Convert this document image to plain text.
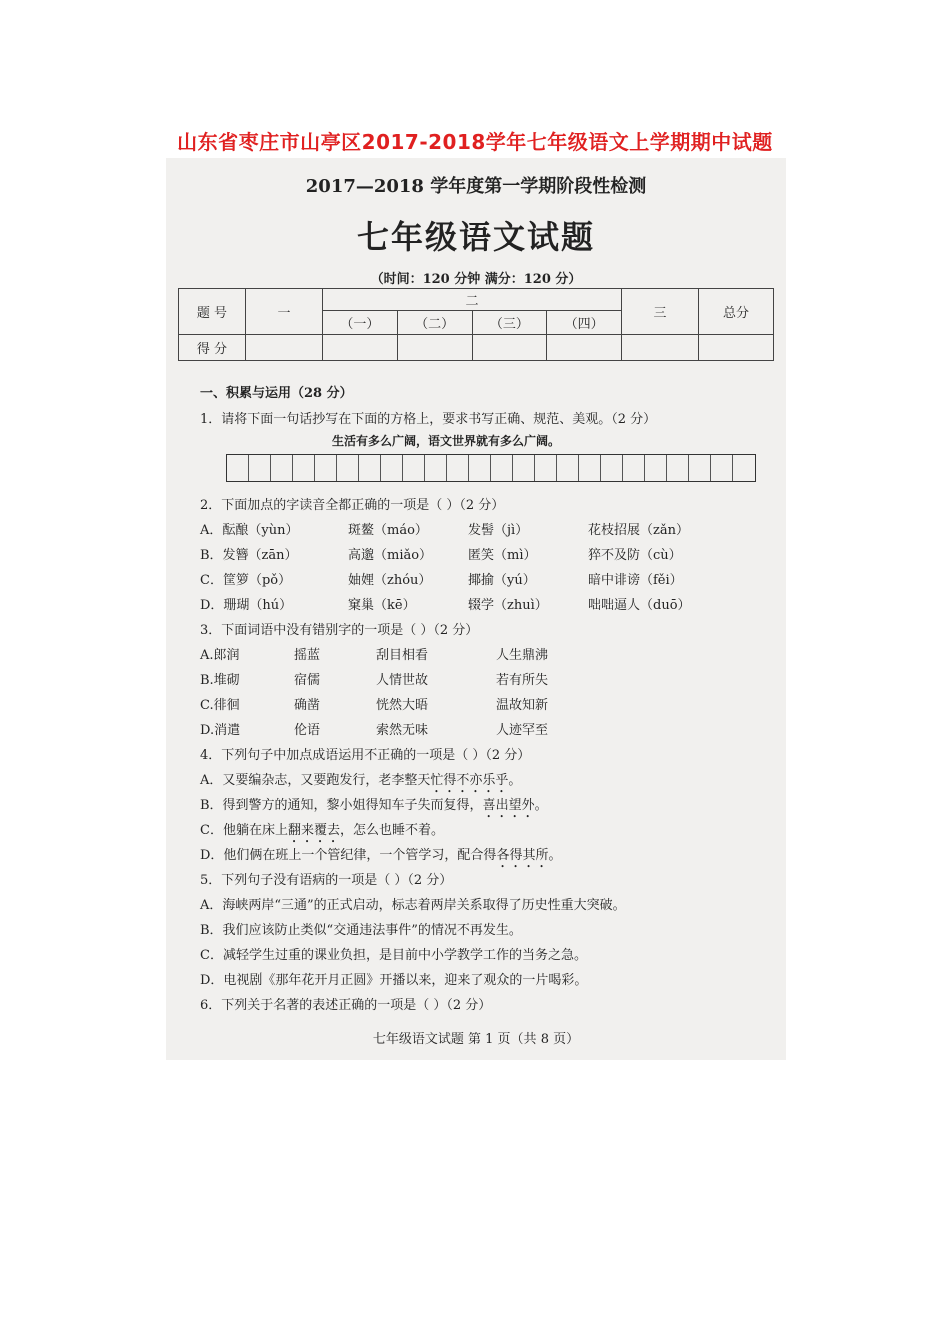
山东省枣庄市山亭区2017-2018学年七年级语文上学期期中试题
2017—2018 学年度第一学期阶段性检测
七年级语文试题
（时间：120 分钟 满分：120 分）
题 号	一	二				三	总分
		（一）	（二）	（三）	（四）		
得 分							
一、积累与运用（28 分）
1．请将下面一句话抄写在下面的方格上，要求书写正确、规范、美观。（2 分）
生活有多么广阔，语文世界就有多么广阔。
2．下面加点的字读音全都正确的一项是（ ）（2 分）
A．酝酿（yùn）	斑鳌（máo）	发髻（jì）	花枝招展（zǎn）
B．发簪（zān）	高邈（miǎo）	匿笑（mì）	猝不及防（cù）
C．筐箩（pǒ）	妯娌（zhóu）	揶揄（yú）	暗中诽谤（fěi）
D．珊瑚（hú）	窠巢（kē）	辍学（zhuì）	咄咄逼人（duō）
3．下面词语中没有错别字的一项是（ ）（2 分）
A.郎润	摇蓝	刮目相看	人生鼎沸
B.堆砌	宿儒	人情世故	若有所失
C.徘徊	确凿	恍然大晤	温故知新
D.消遣	伦语	索然无味	人迹罕至
4．下列句子中加点成语运用不正确的一项是（ ）（2 分）
A．又要编杂志，又要跑发行，老李整天忙得不亦乐乎。
B．得到警方的通知，黎小姐得知车子失而复得，喜出望外。
C．他躺在床上翻来覆去，怎么也睡不着。
D．他们俩在班上一个管纪律，一个管学习，配合得各得其所。
5．下列句子没有语病的一项是（ ）（2 分）
A．海峡两岸“三通”的正式启动，标志着两岸关系取得了历史性重大突破。
B．我们应该防止类似“交通违法事件”的情况不再发生。
C．减轻学生过重的课业负担，是目前中小学教学工作的当务之急。
D．电视剧《那年花开月正圆》开播以来，迎来了观众的一片喝彩。
6．下列关于名著的表述正确的一项是（ ）（2 分）
七年级语文试题 第 1 页（共 8 页）
